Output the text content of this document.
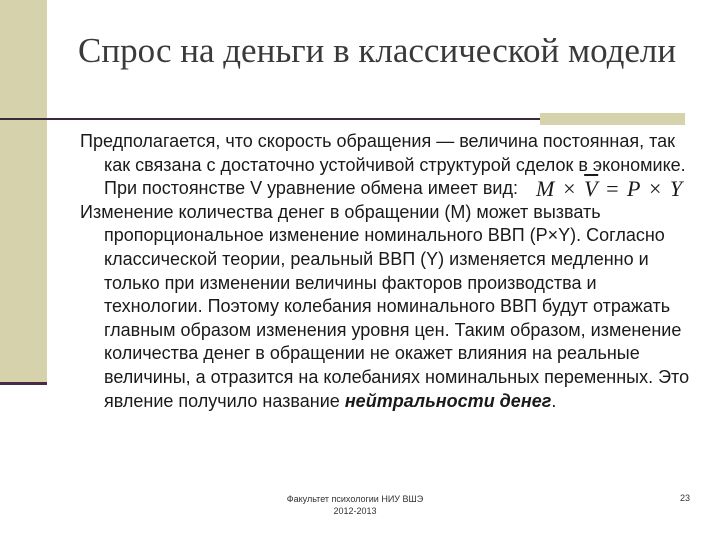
Спрос на деньги в классической модели

Предполагается, что скорость обращения — величина постоянная, так как связана с достаточно устойчивой структурой сделок в экономике. При постоянстве V уравнение обмена имеет вид: $M \times \overline{V} = P \times Y$

Изменение количества денег в обращении (М) может вызвать пропорциональное изменение номинального ВВП (P×Y). Согласно классической теории, реальный ВВП (Y) изменяется медленно и только при изменении величины факторов производства и технологии. Поэтому колебания номинального ВВП будут отражать главным образом изменения уровня цен. Таким образом, изменение количества денег в обращении не окажет влияния на реальные величины, а отразится на колебаниях номинальных переменных. Это явление получило название нейтральности денег.

Факультет психологии НИУ ВШЭ
2012-2013
23
